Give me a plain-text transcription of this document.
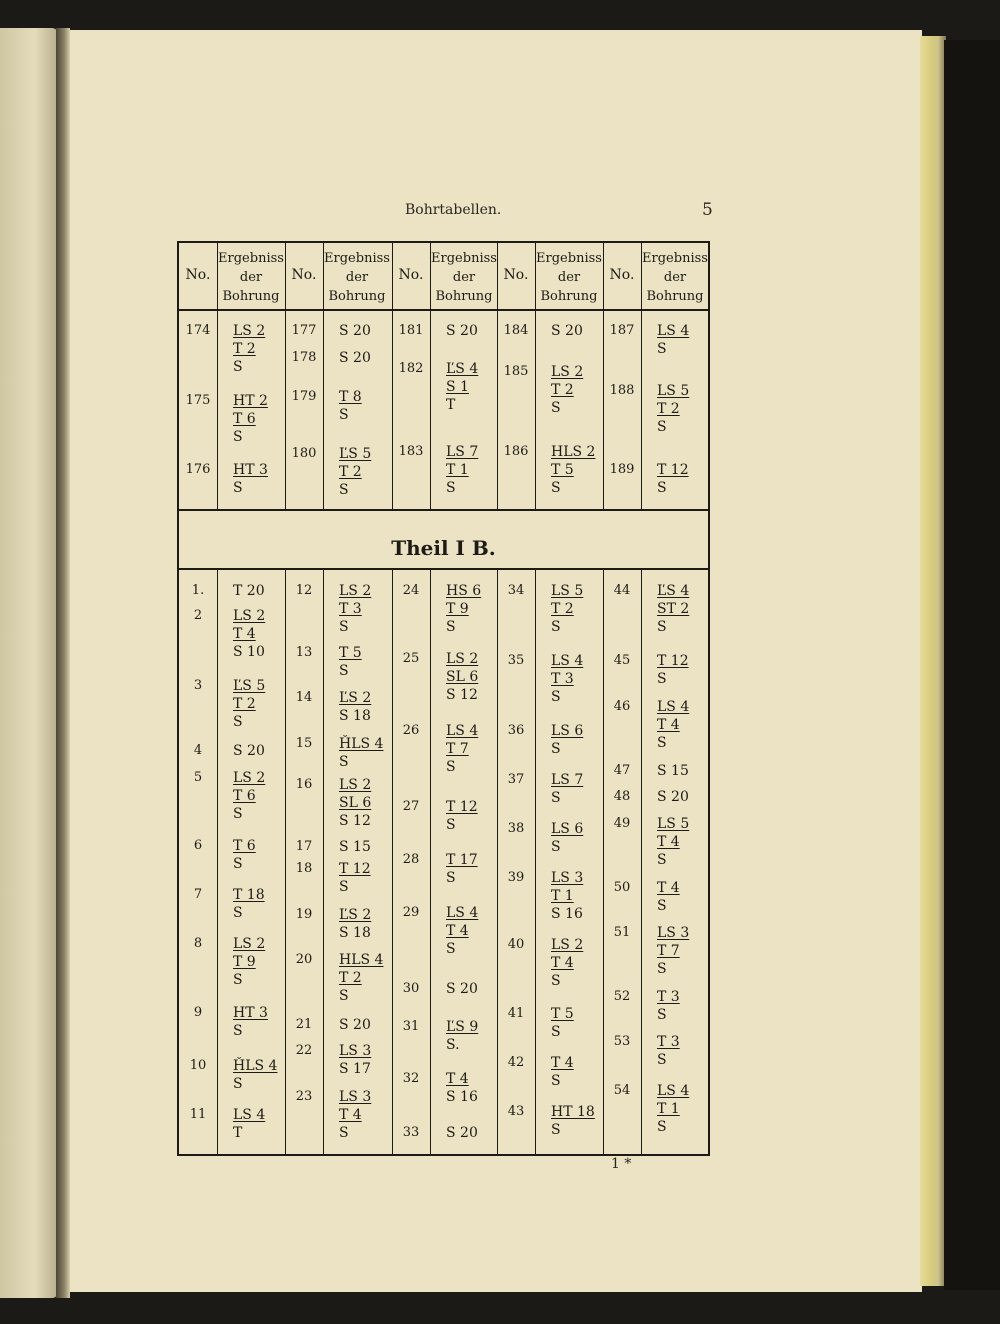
Bohrtabellen.	5
1 *
Theil I B.
No.
Ergebniss
der
Bohrung
No.
Ergebniss
der
Bohrung
No.
Ergebniss
der
Bohrung
No.
Ergebniss
der
Bohrung
No.
Ergebniss
der
Bohrung
174	LS 2
T 2
S
175	HT 2
T 6
S
176	HT 3
S
177	S 20
178	S 20
179	T 8
S
180	ĽS 5
T 2
S
181	S 20
182	ĽS 4
S 1
T
183	LS 7
T 1
S
184	S 20
185	LS 2
T 2
S
186	HLS 2
T 5
S
187	LS 4
S
188	LS 5
T 2
S
189	T 12
S
1.	T 20
2	LS 2
T 4
S 10
3	ĽS 5
T 2
S
4	S 20
5	LS 2
T 6
S
6	T 6
S
7	T 18
S
8	LS 2
T 9
S
9	HT 3
S
10	ȞLS 4
S
11	LS 4
T
12	LS 2
T 3
S
13	T 5
S
14	ĽS 2
S 18
15	ȞLS 4
S
16	LS 2
SL 6
S 12
17	S 15
18	T 12
S
19	ĽS 2
S 18
20	HLS 4
T 2
S
21	S 20
22	LS 3
S 17
23	LS 3
T 4
S
24	HS 6
T 9
S
25	LS 2
SL 6
S 12
26	LS 4
T 7
S
27	T 12
S
28	T 17
S
29	LS 4
T 4
S
30	S 20
31	ĽS 9
S.
32	T 4
S 16
33	S 20
34	LS 5
T 2
S
35	LS 4
T 3
S
36	LS 6
S
37	LS 7
S
38	LS 6
S
39	LS 3
T 1
S 16
40	LS 2
T 4
S
41	T 5
S
42	T 4
S
43	HT 18
S
44	ĽS 4
ST 2
S
45	T 12
S
46	LS 4
T 4
S
47	S 15
48	S 20
49	LS 5
T 4
S
50	T 4
S
51	LS 3
T 7
S
52	T 3
S
53	T 3
S
54	LS 4
T 1
S
